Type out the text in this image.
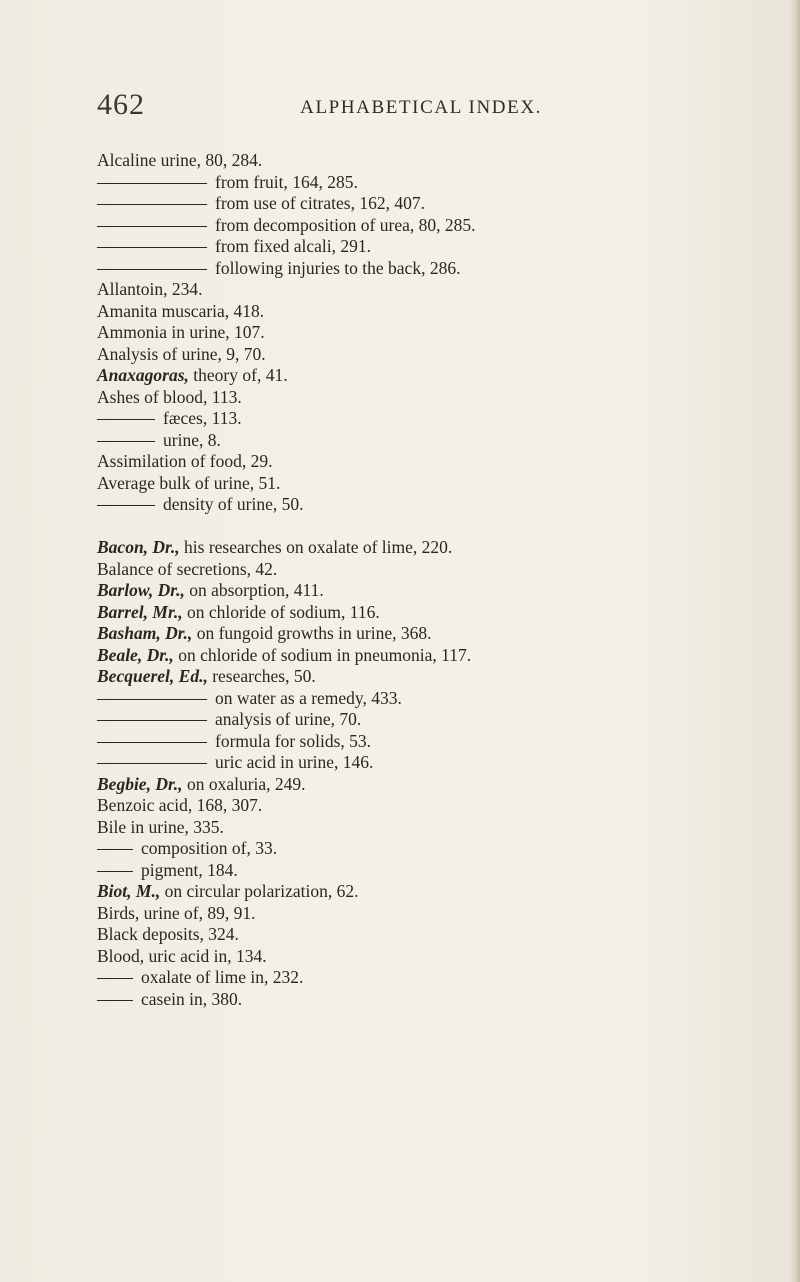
462	ALPHABETICAL INDEX.
Alcaline urine, 80, 284.
from fruit, 164, 285.
from use of citrates, 162, 407.
from decomposition of urea, 80, 285.
from fixed alcali, 291.
following injuries to the back, 286.
Allantoin, 234.
Amanita muscaria, 418.
Ammonia in urine, 107.
Analysis of urine, 9, 70.
Anaxagoras, theory of, 41.
Ashes of blood, 113.
fæces, 113.
urine, 8.
Assimilation of food, 29.
Average bulk of urine, 51.
density of urine, 50.
Bacon, Dr., his researches on oxalate of lime, 220.
Balance of secretions, 42.
Barlow, Dr., on absorption, 411.
Barrel, Mr., on chloride of sodium, 116.
Basham, Dr., on fungoid growths in urine, 368.
Beale, Dr., on chloride of sodium in pneumonia, 117.
Becquerel, Ed., researches, 50.
on water as a remedy, 433.
analysis of urine, 70.
formula for solids, 53.
uric acid in urine, 146.
Begbie, Dr., on oxaluria, 249.
Benzoic acid, 168, 307.
Bile in urine, 335.
composition of, 33.
pigment, 184.
Biot, M., on circular polarization, 62.
Birds, urine of, 89, 91.
Black deposits, 324.
Blood, uric acid in, 134.
oxalate of lime in, 232.
casein in, 380.
